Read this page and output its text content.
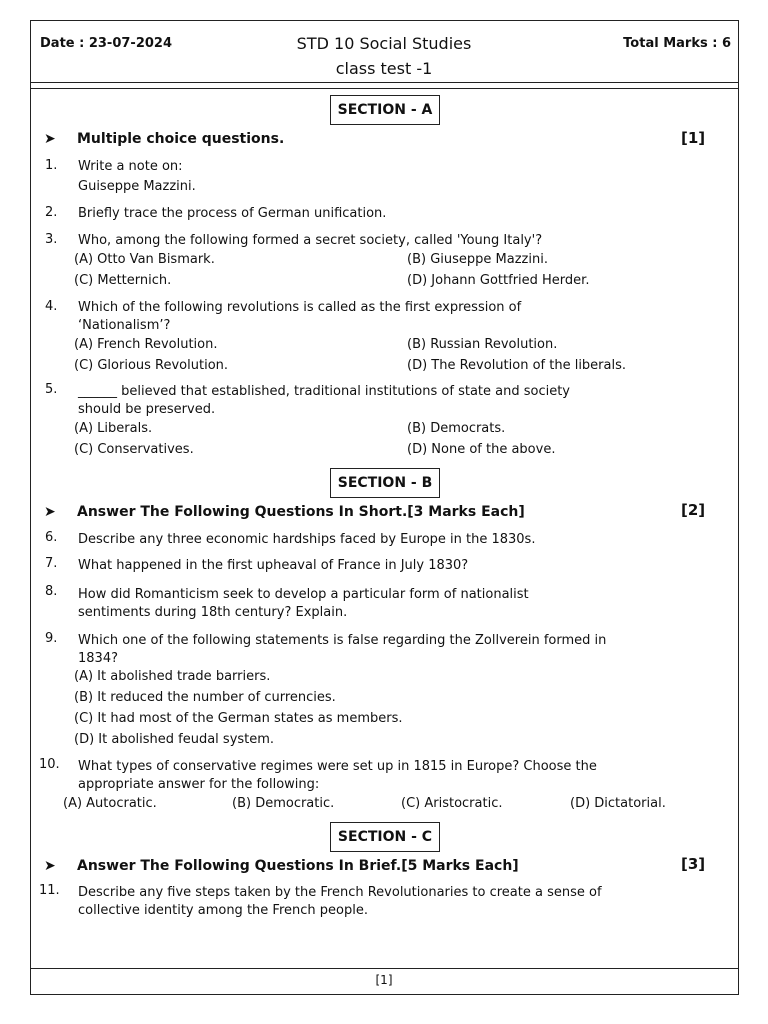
Date : 23-07-2024	STD 10 Social Studies
class test -1
Total Marks : 6
SECTION - A
➤ Multiple choice questions.	[1]
1. Write a note on:
Guiseppe Mazzini.
2. Briefly trace the process of German unification.
3. Who, among the following formed a secret society, called 'Young Italy'?
(A) Otto Van Bismark.	(B) Giuseppe Mazzini.
(C) Metternich.	(D) Johann Gottfried Herder.
4. Which of the following revolutions is called as the first expression of
‘Nationalism’?
(A) French Revolution.	(B) Russian Revolution.
(C) Glorious Revolution.	(D) The Revolution of the liberals.
5. ______ believed that established, traditional institutions of state and society
should be preserved.
(A) Liberals.	(B) Democrats.
(C) Conservatives.	(D) None of the above.
SECTION - B
➤ Answer The Following Questions In Short.[3 Marks Each]	[2]
6. Describe any three economic hardships faced by Europe in the 1830s.
7. What happened in the first upheaval of France in July 1830?
8. How did Romanticism seek to develop a particular form of nationalist
sentiments during 18th century? Explain.
9. Which one of the following statements is false regarding the Zollverein formed in
1834?
(A) It abolished trade barriers.
(B) It reduced the number of currencies.
(C) It had most of the German states as members.
(D) It abolished feudal system.
10. What types of conservative regimes were set up in 1815 in Europe? Choose the
appropriate answer for the following:
(A) Autocratic.	(B) Democratic.	(C) Aristocratic.	(D) Dictatorial.
SECTION - C
➤ Answer The Following Questions In Brief.[5 Marks Each]	[3]
11. Describe any five steps taken by the French Revolutionaries to create a sense of
collective identity among the French people.
[1]
